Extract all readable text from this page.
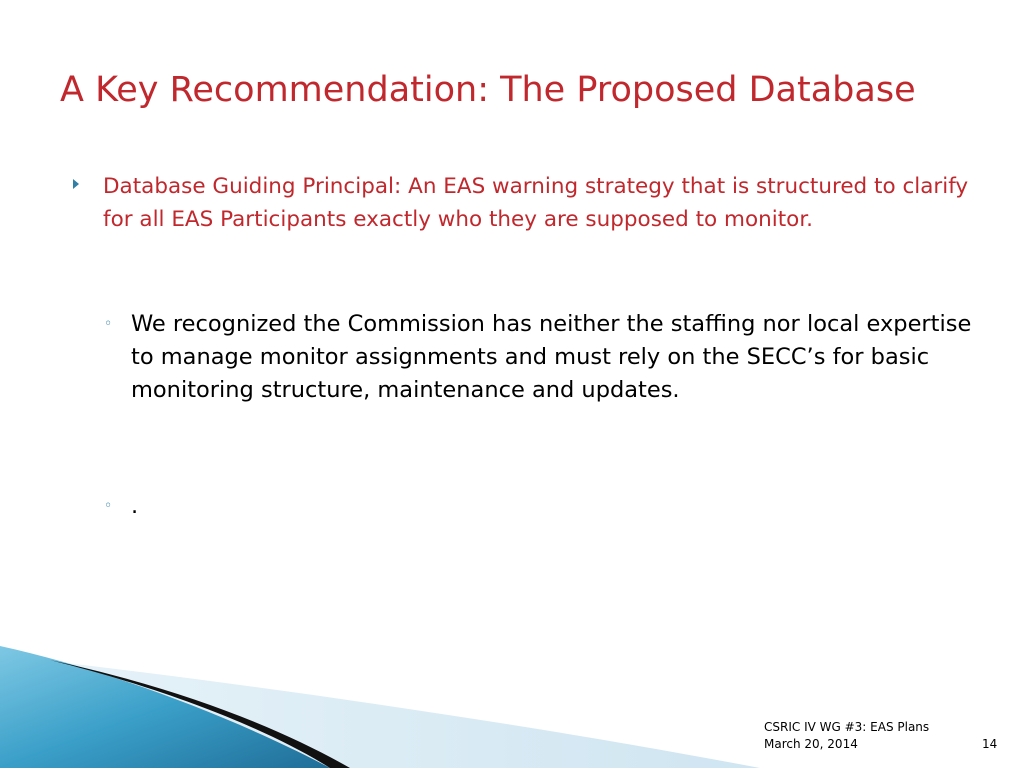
A Key Recommendation: The Proposed Database

Database Guiding Principal: An EAS warning strategy that is structured to clarify for all EAS Participants exactly who they are supposed to monitor.

◦ We recognized the Commission has neither the staffing nor local expertise to manage monitor assignments and must rely on the SECC’s for basic monitoring structure, maintenance and updates.

◦ .

CSRIC IV WG #3: EAS Plans
March 20, 2014	14
